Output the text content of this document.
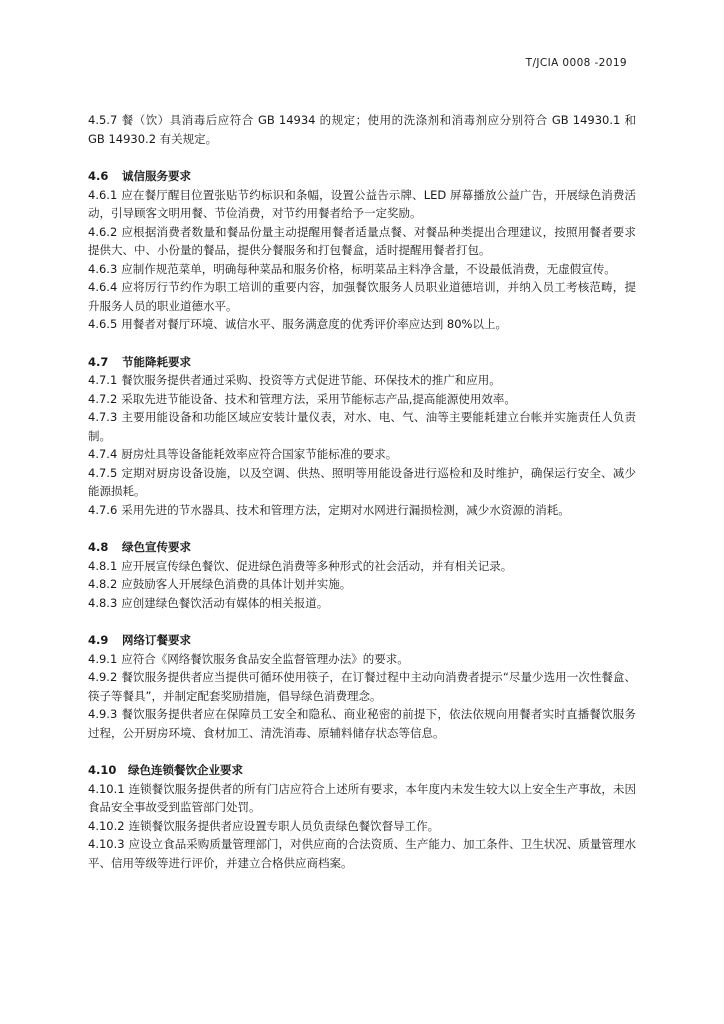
T/JCIA 0008 -2019

4.5.7 餐（饮）具消毒后应符合 GB 14934 的规定；使用的洗涤剂和消毒剂应分别符合 GB 14930.1 和 GB 14930.2 有关规定。

4.6 诚信服务要求

4.6.1 应在餐厅醒目位置张贴节约标识和条幅，设置公益告示牌、LED 屏幕播放公益广告，开展绿色消费活动，引导顾客文明用餐、节俭消费，对节约用餐者给予一定奖励。

4.6.2 应根据消费者数量和餐品份量主动提醒用餐者适量点餐、对餐品种类提出合理建议，按照用餐者要求提供大、中、小份量的餐品，提供分餐服务和打包餐盒，适时提醒用餐者打包。

4.6.3 应制作规范菜单，明确每种菜品和服务价格，标明菜品主料净含量，不设最低消费，无虚假宣传。

4.6.4 应将厉行节约作为职工培训的重要内容，加强餐饮服务人员职业道德培训，并纳入员工考核范畴，提升服务人员的职业道德水平。

4.6.5 用餐者对餐厅环境、诚信水平、服务满意度的优秀评价率应达到 80%以上。

4.7 节能降耗要求

4.7.1 餐饮服务提供者通过采购、投资等方式促进节能、环保技术的推广和应用。

4.7.2 采取先进节能设备、技术和管理方法，采用节能标志产品,提高能源使用效率。

4.7.3 主要用能设备和功能区域应安装计量仪表，对水、电、气、油等主要能耗建立台帐并实施责任人负责制。

4.7.4 厨房灶具等设备能耗效率应符合国家节能标准的要求。

4.7.5 定期对厨房设备设施，以及空调、供热、照明等用能设备进行巡检和及时维护，确保运行安全、减少能源损耗。

4.7.6 采用先进的节水器具、技术和管理方法，定期对水网进行漏损检测，减少水资源的消耗。

4.8 绿色宣传要求

4.8.1 应开展宣传绿色餐饮、促进绿色消费等多种形式的社会活动，并有相关记录。

4.8.2 应鼓励客人开展绿色消费的具体计划并实施。

4.8.3 应创建绿色餐饮活动有媒体的相关报道。

4.9 网络订餐要求

4.9.1 应符合《网络餐饮服务食品安全监督管理办法》的要求。

4.9.2 餐饮服务提供者应当提供可循环使用筷子，在订餐过程中主动向消费者提示“尽量少选用一次性餐盒、筷子等餐具”，并制定配套奖励措施，倡导绿色消费理念。

4.9.3 餐饮服务提供者应在保障员工安全和隐私、商业秘密的前提下，依法依规向用餐者实时直播餐饮服务过程，公开厨房环境、食材加工、清洗消毒、原辅料储存状态等信息。

4.10 绿色连锁餐饮企业要求

4.10.1 连锁餐饮服务提供者的所有门店应符合上述所有要求，本年度内未发生较大以上安全生产事故，未因食品安全事故受到监管部门处罚。

4.10.2 连锁餐饮服务提供者应设置专职人员负责绿色餐饮督导工作。

4.10.3 应设立食品采购质量管理部门，对供应商的合法资质、生产能力、加工条件、卫生状况、质量管理水平、信用等级等进行评价，并建立合格供应商档案。
